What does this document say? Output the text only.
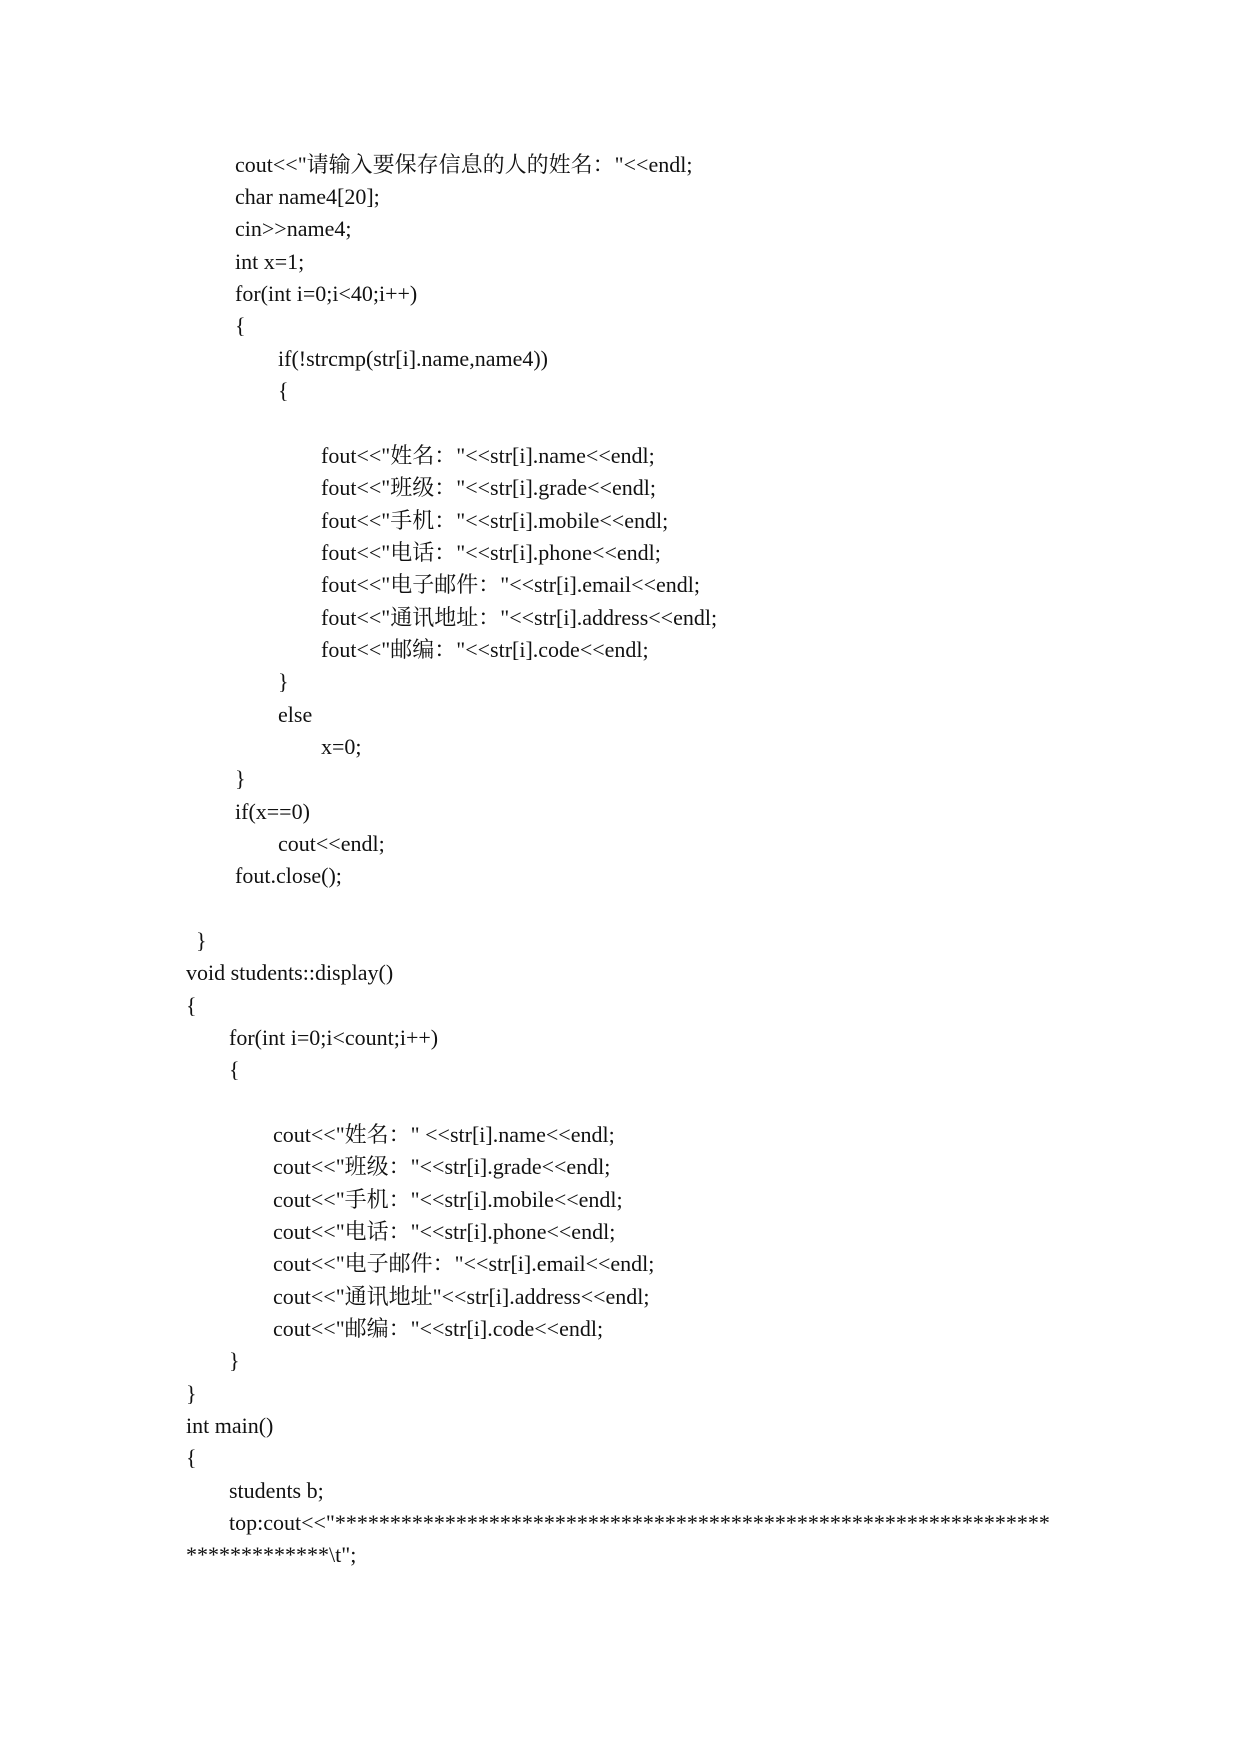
cout<<"请输入要保存信息的人的姓名："<<endl;
char name4[20];
cin>>name4;
int x=1;
for(int i=0;i<40;i++)
{
if(!strcmp(str[i].name,name4))
{
fout<<"姓名："<<str[i].name<<endl;
fout<<"班级："<<str[i].grade<<endl;
fout<<"手机："<<str[i].mobile<<endl;
fout<<"电话："<<str[i].phone<<endl;
fout<<"电子邮件："<<str[i].email<<endl;
fout<<"通讯地址："<<str[i].address<<endl;
fout<<"邮编："<<str[i].code<<endl;
}
else
x=0;
}
if(x==0)
cout<<endl;
fout.close();
}
void students::display()
{
for(int i=0;i<count;i++)
{
cout<<"姓名：" <<str[i].name<<endl;
cout<<"班级："<<str[i].grade<<endl;
cout<<"手机："<<str[i].mobile<<endl;
cout<<"电话："<<str[i].phone<<endl;
cout<<"电子邮件："<<str[i].email<<endl;
cout<<"通讯地址"<<str[i].address<<endl;
cout<<"邮编："<<str[i].code<<endl;
}
}
int main()
{
students b;
top:cout<<"*****************************************************************
*************\t";
